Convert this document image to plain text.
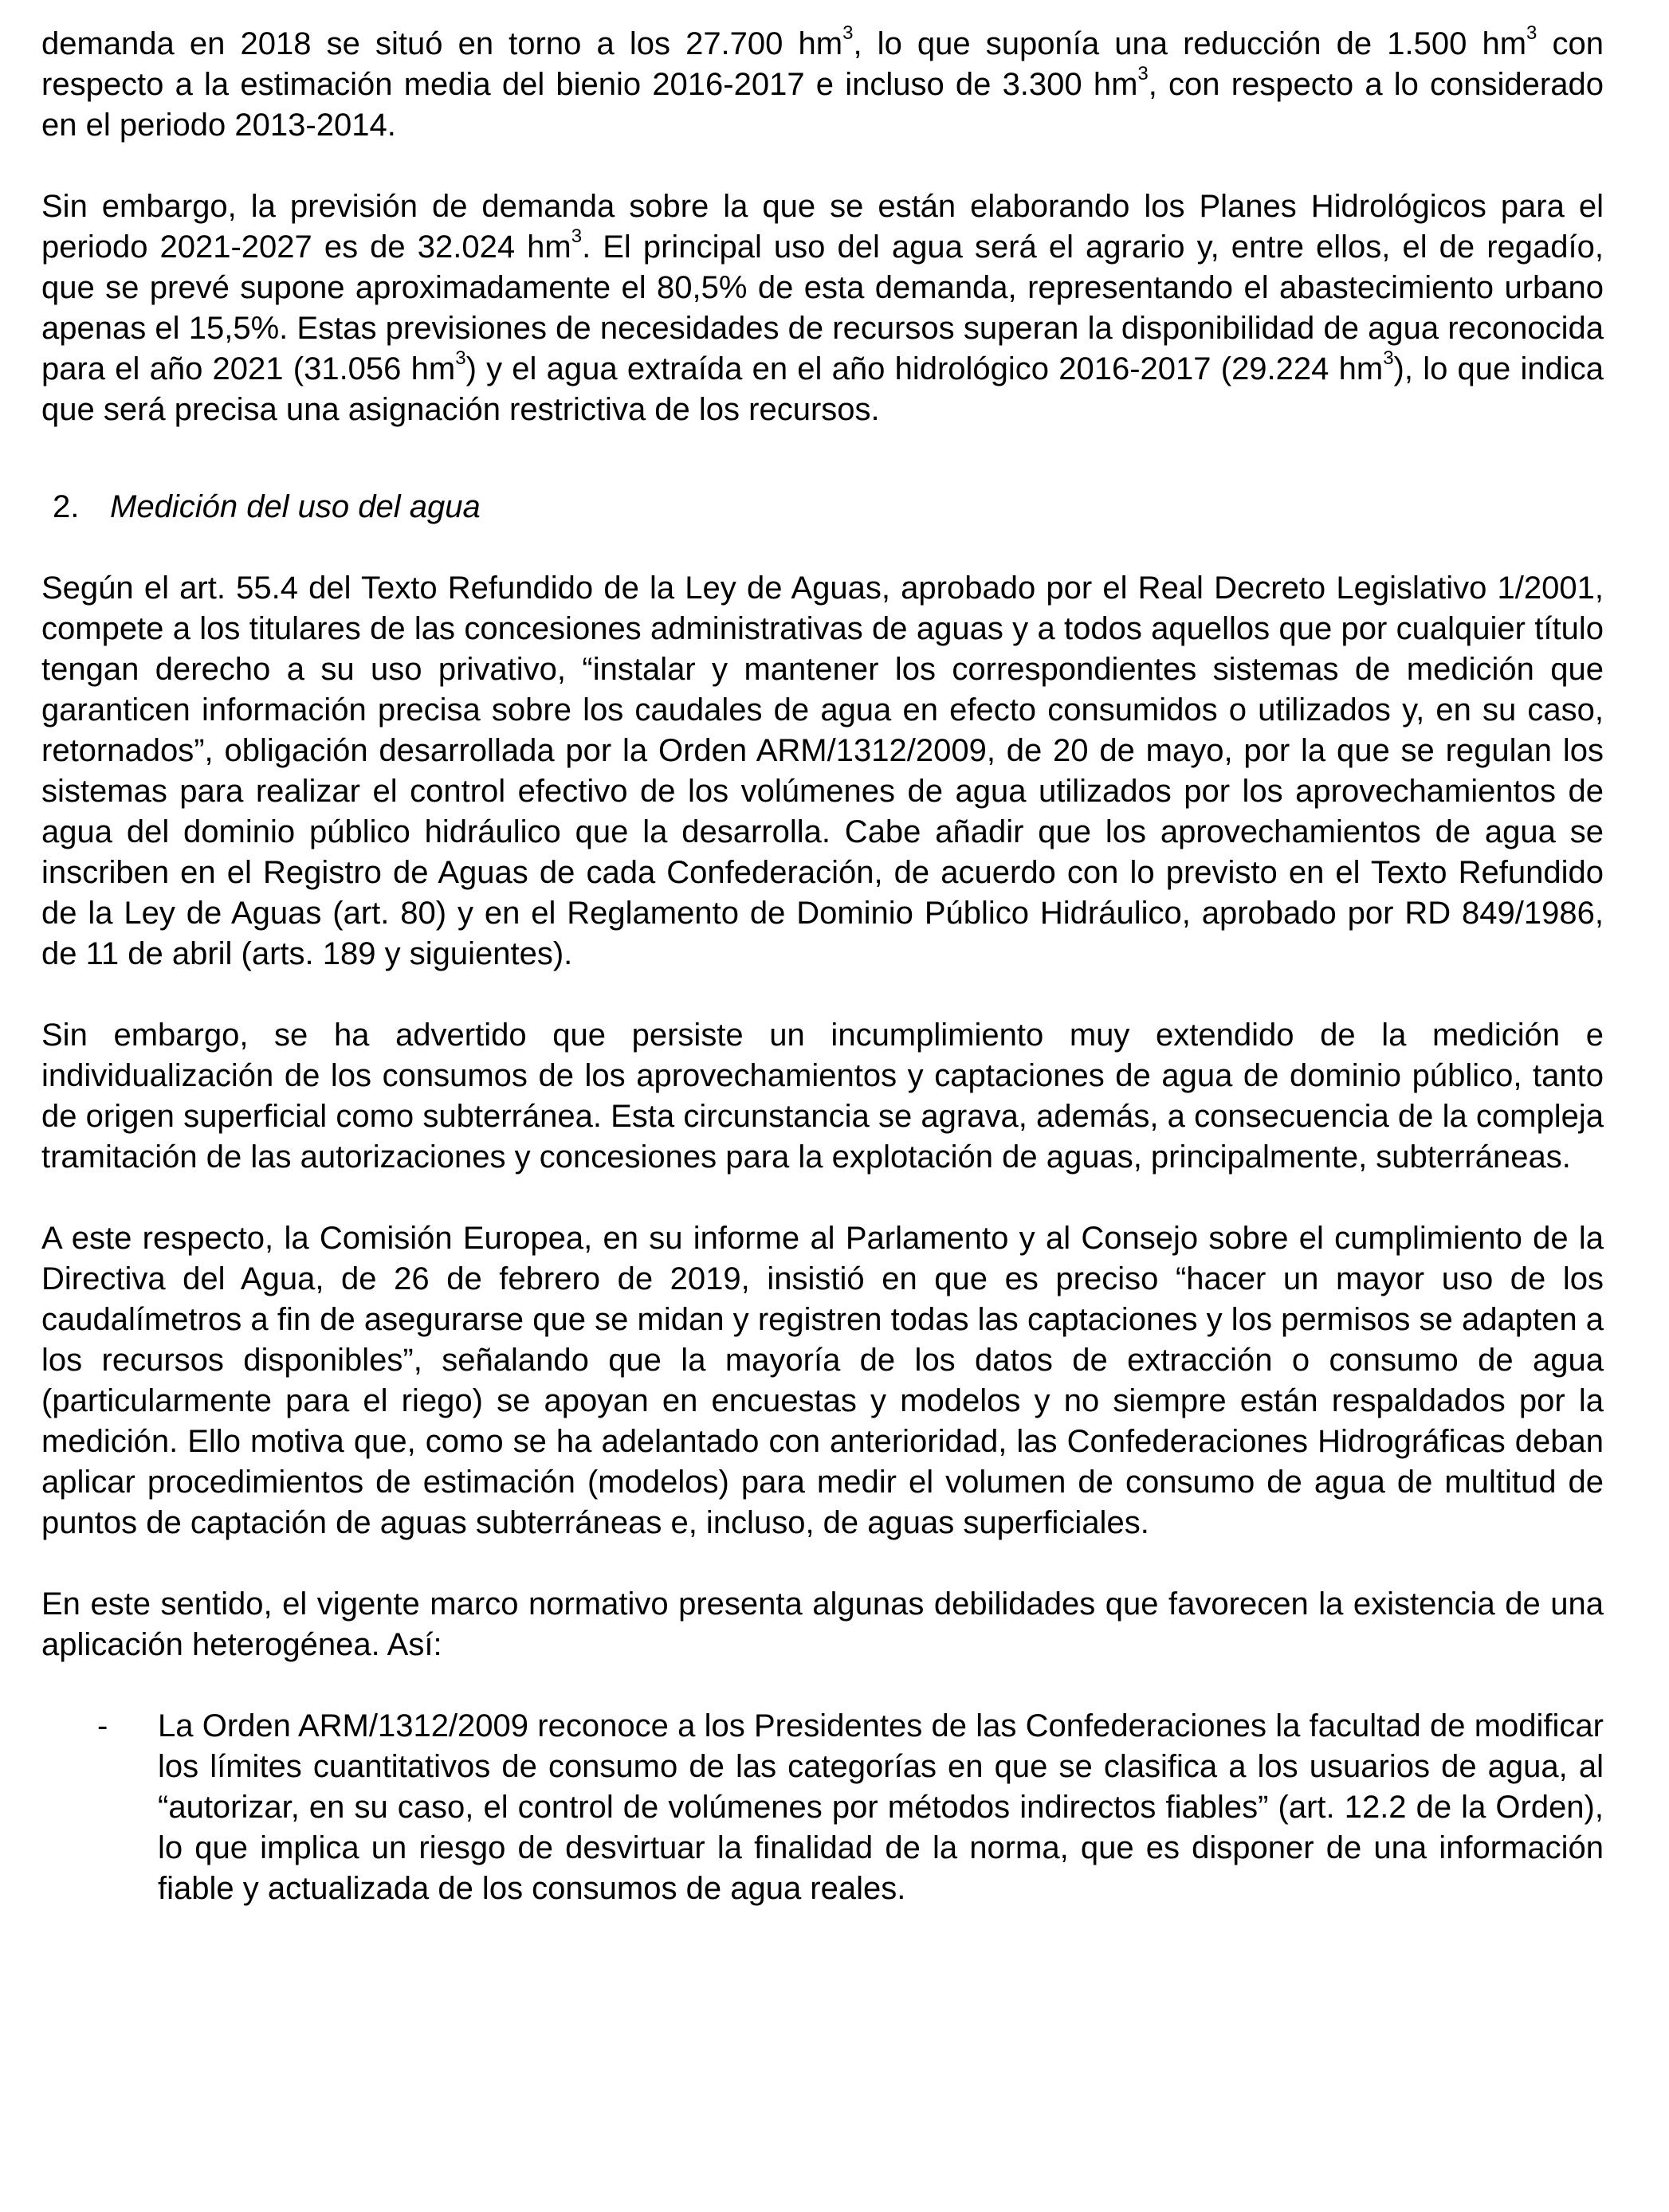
demanda en 2018 se situó en torno a los 27.700 $hm^3$, lo que suponía una reducción de 1.500 $hm^3$ con respecto a la estimación media del bienio 2016-2017 e incluso de 3.300 $hm^3$, con respecto a lo considerado en el periodo 2013-2014.

Sin embargo, la previsión de demanda sobre la que se están elaborando los Planes Hidrológicos para el periodo 2021-2027 es de 32.024 $hm^3$. El principal uso del agua será el agrario y, entre ellos, el de regadío, que se prevé supone aproximadamente el 80,5% de esta demanda, representando el abastecimiento urbano apenas el 15,5%. Estas previsiones de necesidades de recursos superan la disponibilidad de agua reconocida para el año 2021 (31.056 $hm^3$) y el agua extraída en el año hidrológico 2016-2017 (29.224 $hm^3$), lo que indica que será precisa una asignación restrictiva de los recursos.

2. Medición del uso del agua

Según el art. 55.4 del Texto Refundido de la Ley de Aguas, aprobado por el Real Decreto Legislativo 1/2001, compete a los titulares de las concesiones administrativas de aguas y a todos aquellos que por cualquier título tengan derecho a su uso privativo, “instalar y mantener los correspondientes sistemas de medición que garanticen información precisa sobre los caudales de agua en efecto consumidos o utilizados y, en su caso, retornados”, obligación desarrollada por la Orden ARM/1312/2009, de 20 de mayo, por la que se regulan los sistemas para realizar el control efectivo de los volúmenes de agua utilizados por los aprovechamientos de agua del dominio público hidráulico que la desarrolla. Cabe añadir que los aprovechamientos de agua se inscriben en el Registro de Aguas de cada Confederación, de acuerdo con lo previsto en el Texto Refundido de la Ley de Aguas (art. 80) y en el Reglamento de Dominio Público Hidráulico, aprobado por RD 849/1986, de 11 de abril (arts. 189 y siguientes).

Sin embargo, se ha advertido que persiste un incumplimiento muy extendido de la medición e individualización de los consumos de los aprovechamientos y captaciones de agua de dominio público, tanto de origen superficial como subterránea. Esta circunstancia se agrava, además, a consecuencia de la compleja tramitación de las autorizaciones y concesiones para la explotación de aguas, principalmente, subterráneas.

A este respecto, la Comisión Europea, en su informe al Parlamento y al Consejo sobre el cumplimiento de la Directiva del Agua, de 26 de febrero de 2019, insistió en que es preciso “hacer un mayor uso de los caudalímetros a fin de asegurarse que se midan y registren todas las captaciones y los permisos se adapten a los recursos disponibles”, señalando que la mayoría de los datos de extracción o consumo de agua (particularmente para el riego) se apoyan en encuestas y modelos y no siempre están respaldados por la medición. Ello motiva que, como se ha adelantado con anterioridad, las Confederaciones Hidrográficas deban aplicar procedimientos de estimación (modelos) para medir el volumen de consumo de agua de multitud de puntos de captación de aguas subterráneas e, incluso, de aguas superficiales.

En este sentido, el vigente marco normativo presenta algunas debilidades que favorecen la existencia de una aplicación heterogénea. Así:

- La Orden ARM/1312/2009 reconoce a los Presidentes de las Confederaciones la facultad de modificar los límites cuantitativos de consumo de las categorías en que se clasifica a los usuarios de agua, al “autorizar, en su caso, el control de volúmenes por métodos indirectos fiables” (art. 12.2 de la Orden), lo que implica un riesgo de desvirtuar la finalidad de la norma, que es disponer de una información fiable y actualizada de los consumos de agua reales.
